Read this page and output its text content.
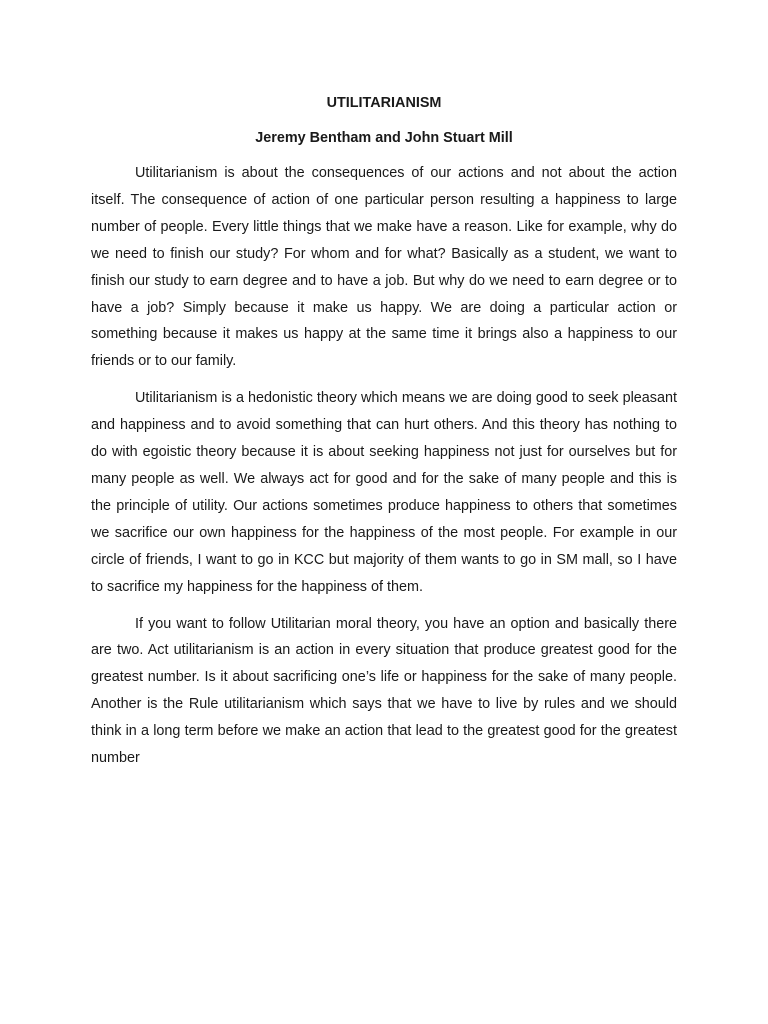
UTILITARIANISM
Jeremy Bentham and John Stuart Mill

Utilitarianism is about the consequences of our actions and not about the action itself. The consequence of action of one particular person resulting a happiness to large number of people. Every little things that we make have a reason. Like for example, why do we need to finish our study? For whom and for what? Basically as a student, we want to finish our study to earn degree and to have a job. But why do we need to earn degree or to have a job? Simply because it make us happy. We are doing a particular action or something because it makes us happy at the same time it brings also a happiness to our friends or to our family.

Utilitarianism is a hedonistic theory which means we are doing good to seek pleasant and happiness and to avoid something that can hurt others. And this theory has nothing to do with egoistic theory because it is about seeking happiness not just for ourselves but for many people as well. We always act for good and for the sake of many people and this is the principle of utility. Our actions sometimes produce happiness to others that sometimes we sacrifice our own happiness for the happiness of the most people. For example in our circle of friends, I want to go in KCC but majority of them wants to go in SM mall, so I have to sacrifice my happiness for the happiness of them.

If you want to follow Utilitarian moral theory, you have an option and basically there are two. Act utilitarianism is an action in every situation that produce greatest good for the greatest number. Is it about sacrificing one’s life or happiness for the sake of many people. Another is the Rule utilitarianism which says that we have to live by rules and we should think in a long term before we make an action that lead to the greatest good for the greatest number
